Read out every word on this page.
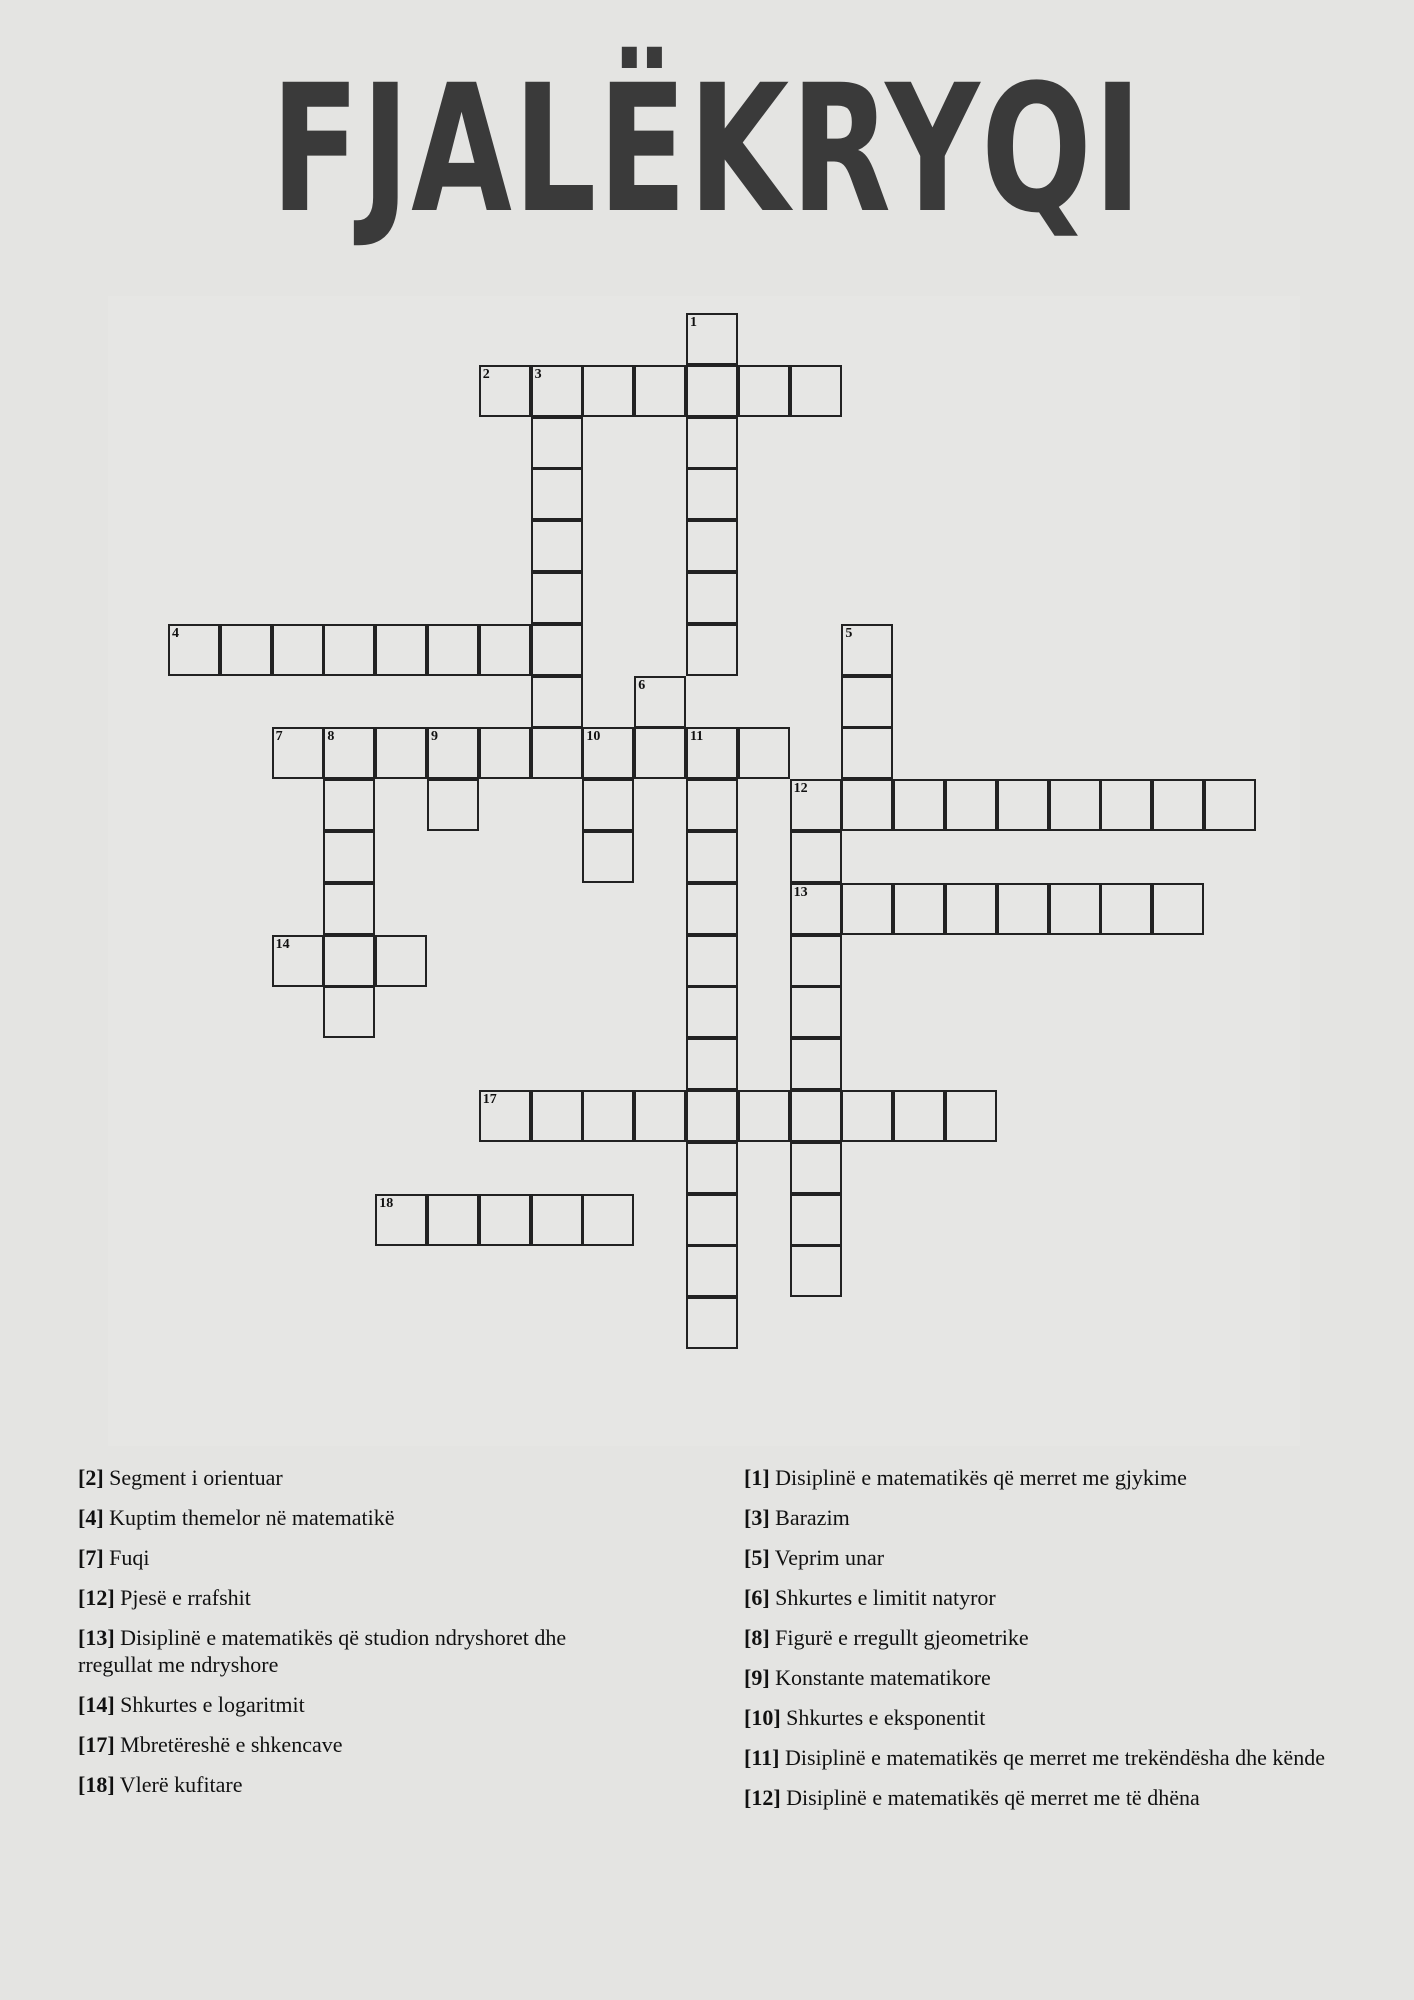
FJALËKRYQI
1
2	3
4	5
6
7	8	9	10	11
12
13
14
17
18
[2] Segment i orientuar
[4] Kuptim themelor në matematikë
[7] Fuqi
[12] Pjesë e rrafshit
[13] Disiplinë e matematikës që studion ndryshoret dhe rregullat me ndryshore
[14] Shkurtes e logaritmit
[17] Mbretëreshë e shkencave
[18] Vlerë kufitare
[1] Disiplinë e matematikës që merret me gjykime
[3] Barazim
[5] Veprim unar
[6] Shkurtes e limitit natyror
[8] Figurë e rregullt gjeometrike
[9] Konstante matematikore
[10] Shkurtes e eksponentit
[11] Disiplinë e matematikës qe merret me trekëndësha dhe kënde
[12] Disiplinë e matematikës që merret me të dhëna
